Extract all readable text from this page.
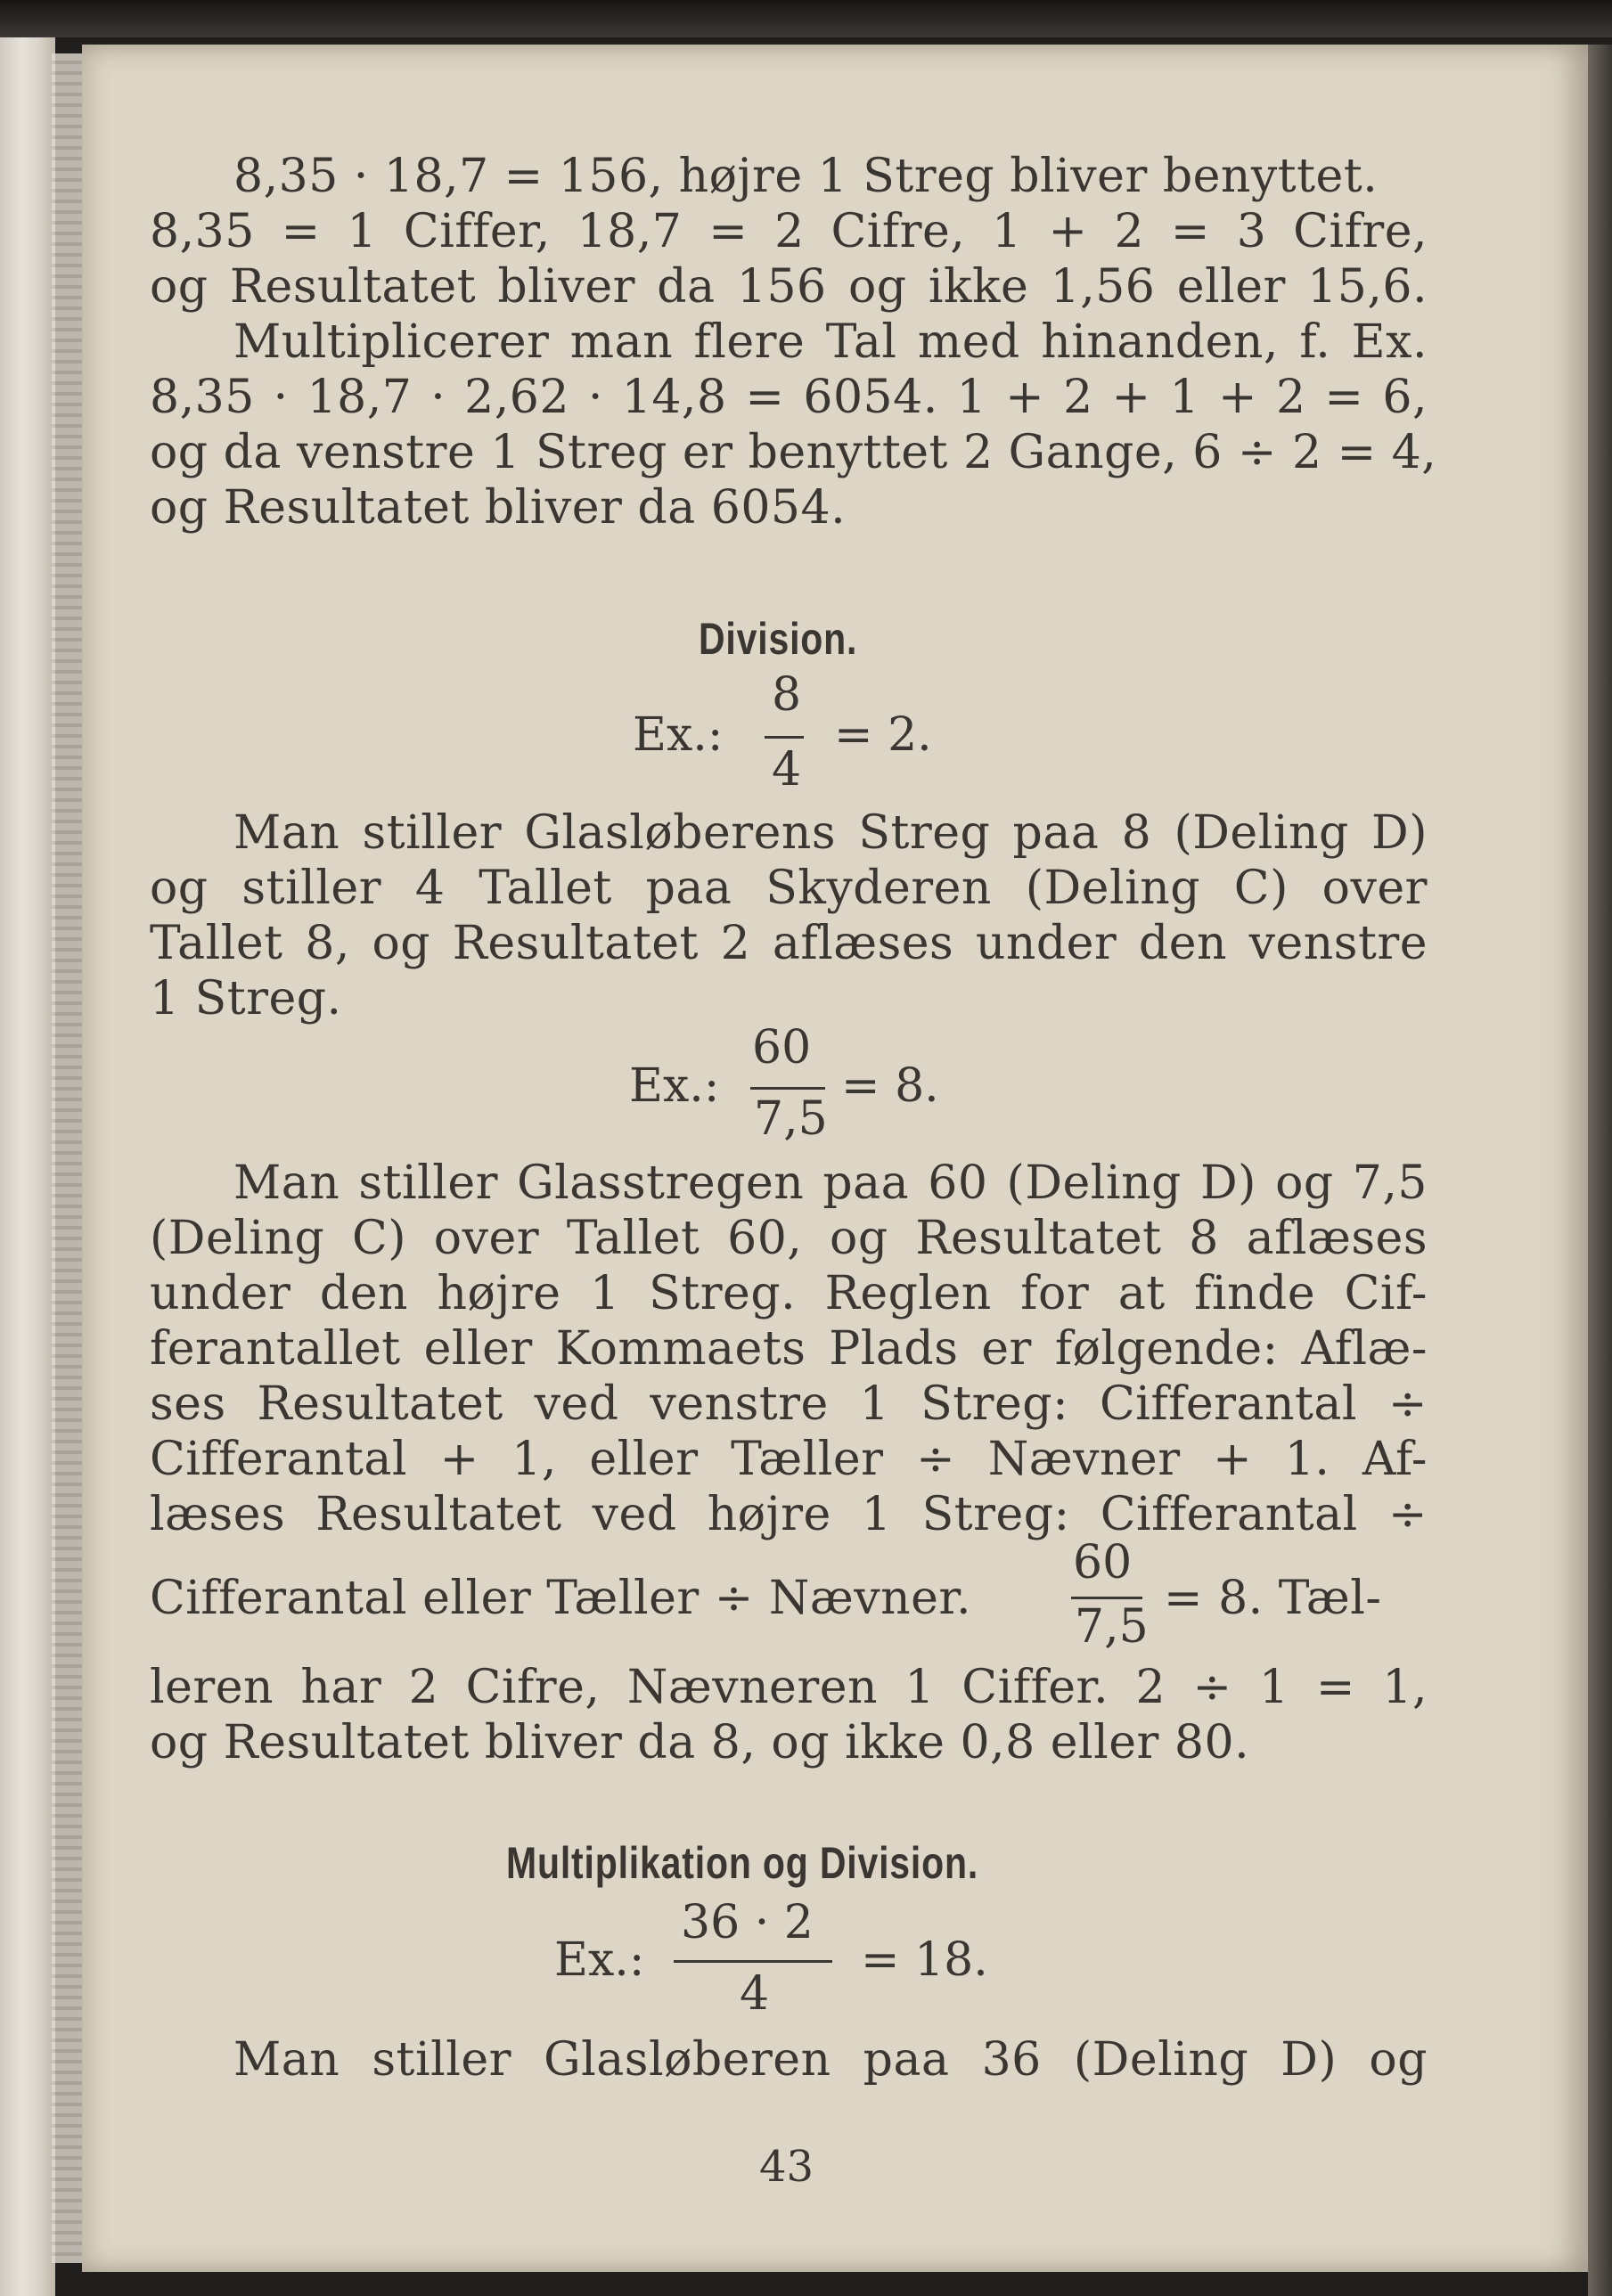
8,35 · 18,7 = 156, højre 1 Streg bliver benyttet.
8,35 = 1 Ciffer, 18,7 = 2 Cifre, 1 + 2 = 3 Cifre,
og Resultatet bliver da 156 og ikke 1,56 eller 15,6.
Multiplicerer man flere Tal med hinanden, f. Ex.
8,35 · 18,7 · 2,62 · 14,8 = 6054. 1 + 2 + 1 + 2 = 6,
og da venstre 1 Streg er benyttet 2 Gange, 6 ÷ 2 = 4,
og Resultatet bliver da 6054.
Division.
Ex.:
8
4
= 2.
Man stiller Glasløberens Streg paa 8 (Deling D)
og stiller 4 Tallet paa Skyderen (Deling C) over
Tallet 8, og Resultatet 2 aflæses under den venstre
1 Streg.
Ex.:
60
7,5
= 8.
Man stiller Glasstregen paa 60 (Deling D) og 7,5
(Deling C) over Tallet 60, og Resultatet 8 aflæses
under den højre 1 Streg. Reglen for at finde Cif-
ferantallet eller Kommaets Plads er følgende: Aflæ-
ses Resultatet ved venstre 1 Streg: Cifferantal ÷
Cifferantal + 1, eller Tæller ÷ Nævner + 1. Af-
læses Resultatet ved højre 1 Streg: Cifferantal ÷
Cifferantal eller Tæller ÷ Nævner.
60
7,5
= 8. Tæl-
leren har 2 Cifre, Nævneren 1 Ciffer. 2 ÷ 1 = 1,
og Resultatet bliver da 8, og ikke 0,8 eller 80.
Multiplikation og Division.
Ex.:
36 · 2
4
= 18.
Man stiller Glasløberen paa 36 (Deling D) og
43
